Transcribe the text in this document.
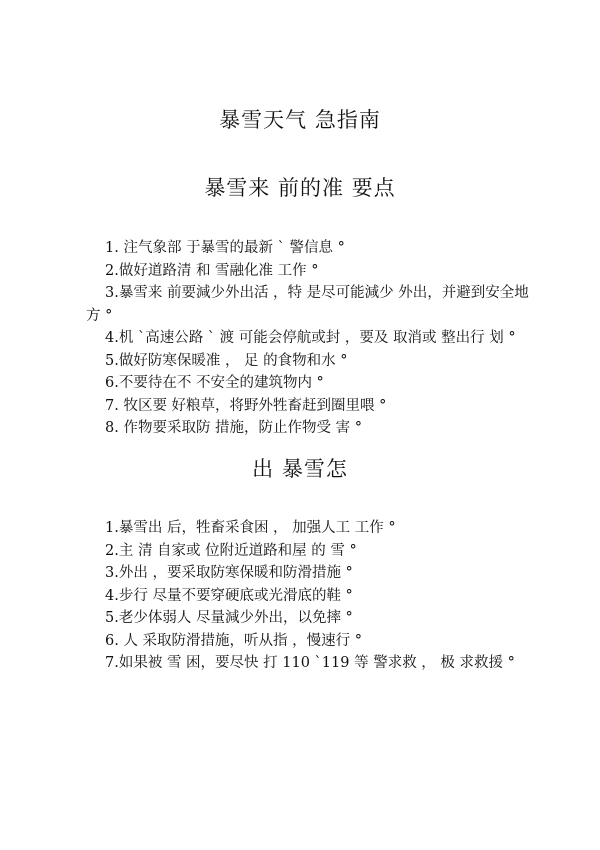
暴雪天气 急指南
暴雪来 前的准 要点
1. 注气象部 于暴雪的最新 ` 警信息 °
2.做好道路清 和 雪融化准 工作 °
3.暴雪来 前要減少外出活 ，特 是尽可能減少 外出，并避到安全地方 °
4.机 `高速公路 ` 渡 可能会停航或封 ，要及 取消或 整出行 划 °
5.做好防寒保暖准 ， 足 的食物和水 °
6.不要待在不 不安全的建筑物内 °
7. 牧区要 好粮草，将野外牲畜赶到圈里喂 °
8. 作物要采取防 措施，防止作物受 害 °
出 暴雪怎
1.暴雪出 后，牲畜采食困 ， 加强人工 工作 °
2.主 清 自家或 位附近道路和屋 的 雪 °
3.外出 ，要采取防寒保暖和防滑措施 °
4.步行 尽量不要穿硬底或光滑底的鞋 °
5.老少体弱人 尽量減少外出，以免摔 °
6. 人 采取防滑措施，听从指 ，慢速行 °
7.如果被 雪 困，要尽快 打 110 `119 等 警求救 ， 极 求救援 °
